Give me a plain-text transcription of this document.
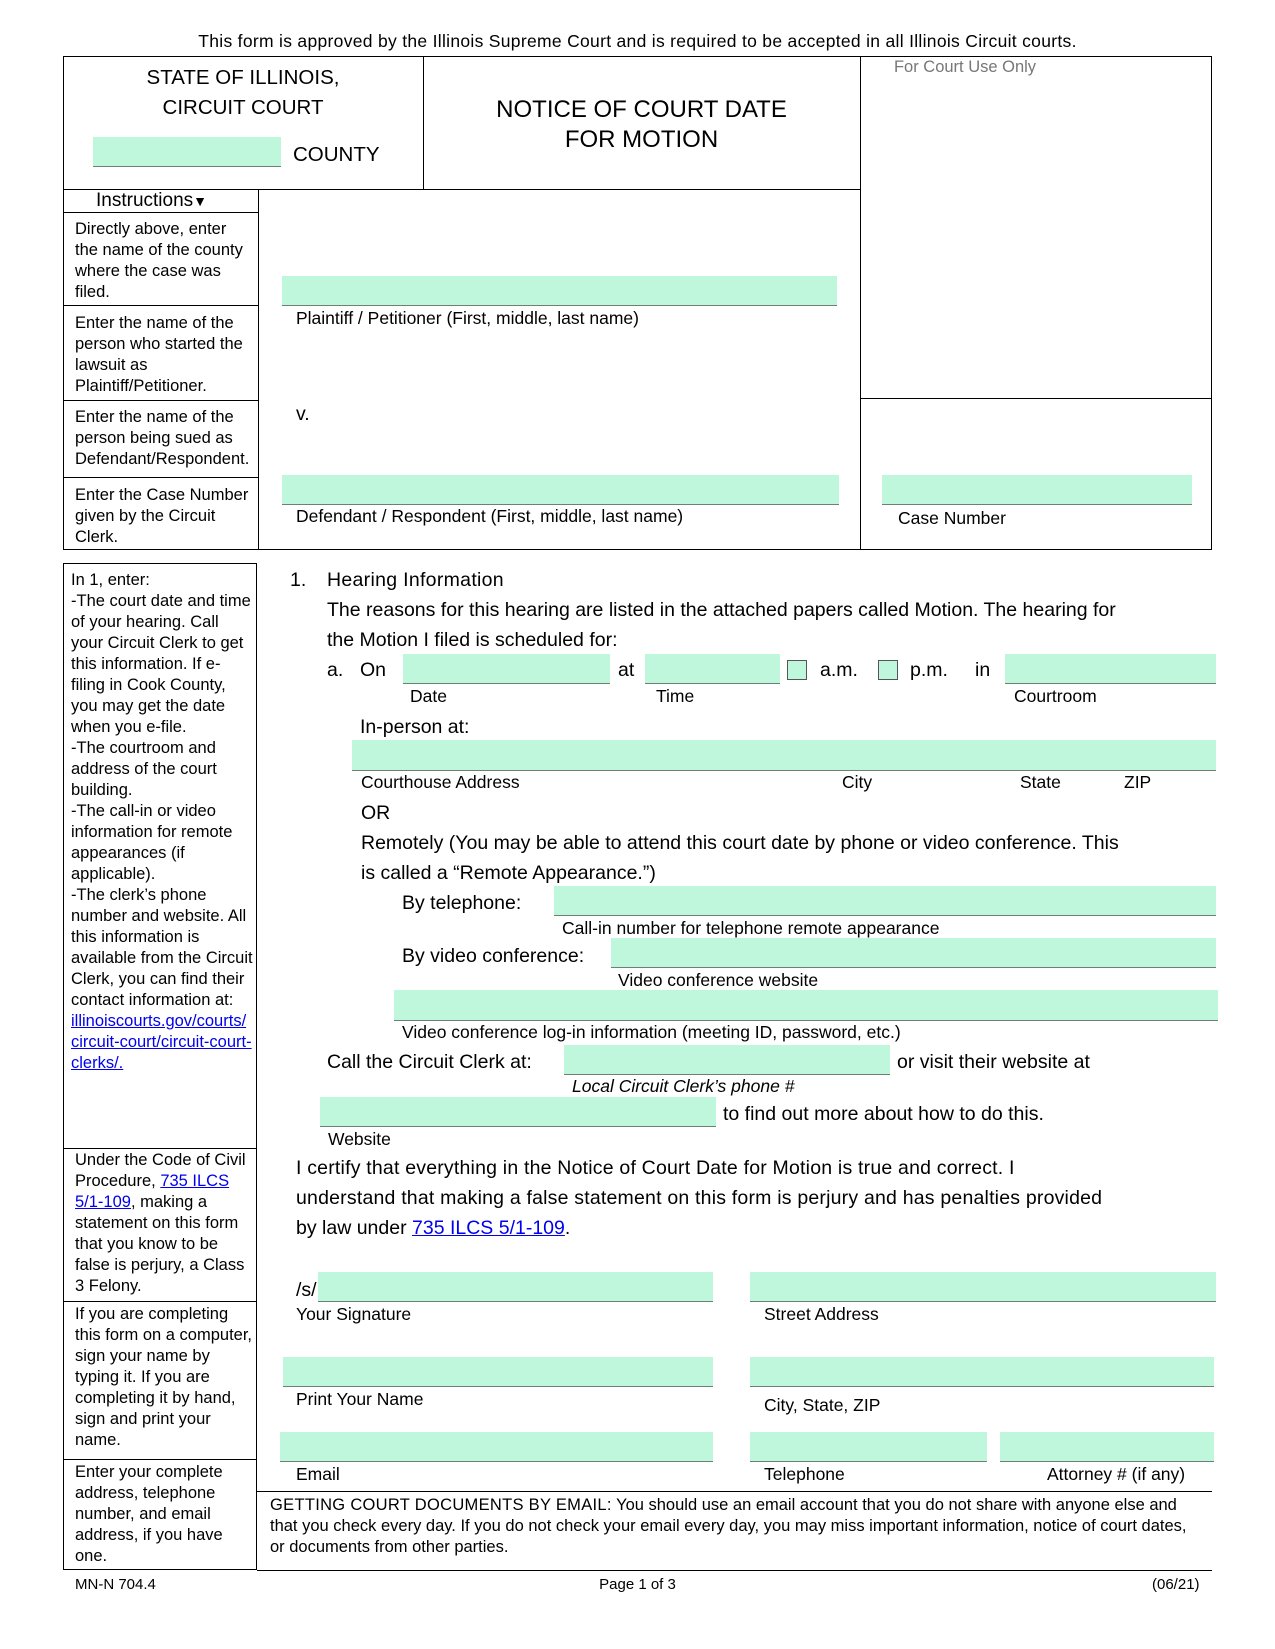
This form is approved by the Illinois Supreme Court and is required to be accepted in all Illinois Circuit courts.
STATE OF ILLINOIS,
CIRCUIT COURT
COUNTY
NOTICE OF COURT DATE
FOR MOTION
For Court Use Only
Instructions▼
Directly above, enter the name of the county where the case was filed.
Enter the name of the person who started the lawsuit as Plaintiff/Petitioner.
Enter the name of the person being sued as Defendant/Respondent.
Enter the Case Number given by the Circuit Clerk.
Plaintiff / Petitioner (First, middle, last name)
v.
Defendant / Respondent (First, middle, last name)	Case Number
In 1, enter:
-The court date and time of your hearing. Call your Circuit Clerk to get this information. If e-filing in Cook County, you may get the date when you e-file.
-The courtroom and address of the court building.
-The call-in or video information for remote appearances (if applicable).
-The clerk’s phone number and website. All this information is available from the Circuit Clerk, you can find their contact information at:
illinoiscourts.gov/courts/circuit-court/circuit-court-clerks/.
Under the Code of Civil Procedure, 735 ILCS 5/1-109, making a statement on this form that you know to be false is perjury, a Class 3 Felony.
If you are completing this form on a computer, sign your name by typing it. If you are completing it by hand, sign and print your name.
Enter your complete address, telephone number, and email address, if you have one.
1. Hearing Information
The reasons for this hearing are listed in the attached papers called Motion. The hearing for
the Motion I filed is scheduled for:
a. On	at	a.m.	p.m. in
Date	Time	Courtroom
In-person at:
Courthouse Address	City	State	ZIP
OR
Remotely (You may be able to attend this court date by phone or video conference. This
is called a “Remote Appearance.”)
By telephone:
Call-in number for telephone remote appearance
By video conference:
Video conference website
Video conference log-in information (meeting ID, password, etc.)
Call the Circuit Clerk at:	or visit their website at
Local Circuit Clerk’s phone #
to find out more about how to do this.
Website
I certify that everything in the Notice of Court Date for Motion is true and correct. I
understand that making a false statement on this form is perjury and has penalties provided
by law under 735 ILCS 5/1-109.
/s/
Your Signature	Street Address
Print Your Name	City, State, ZIP
Email	Telephone	Attorney # (if any)
GETTING COURT DOCUMENTS BY EMAIL: You should use an email account that you do not share with anyone else and that you check every day. If you do not check your email every day, you may miss important information, notice of court dates, or documents from other parties.
MN-N 704.4	Page 1 of 3	(06/21)
